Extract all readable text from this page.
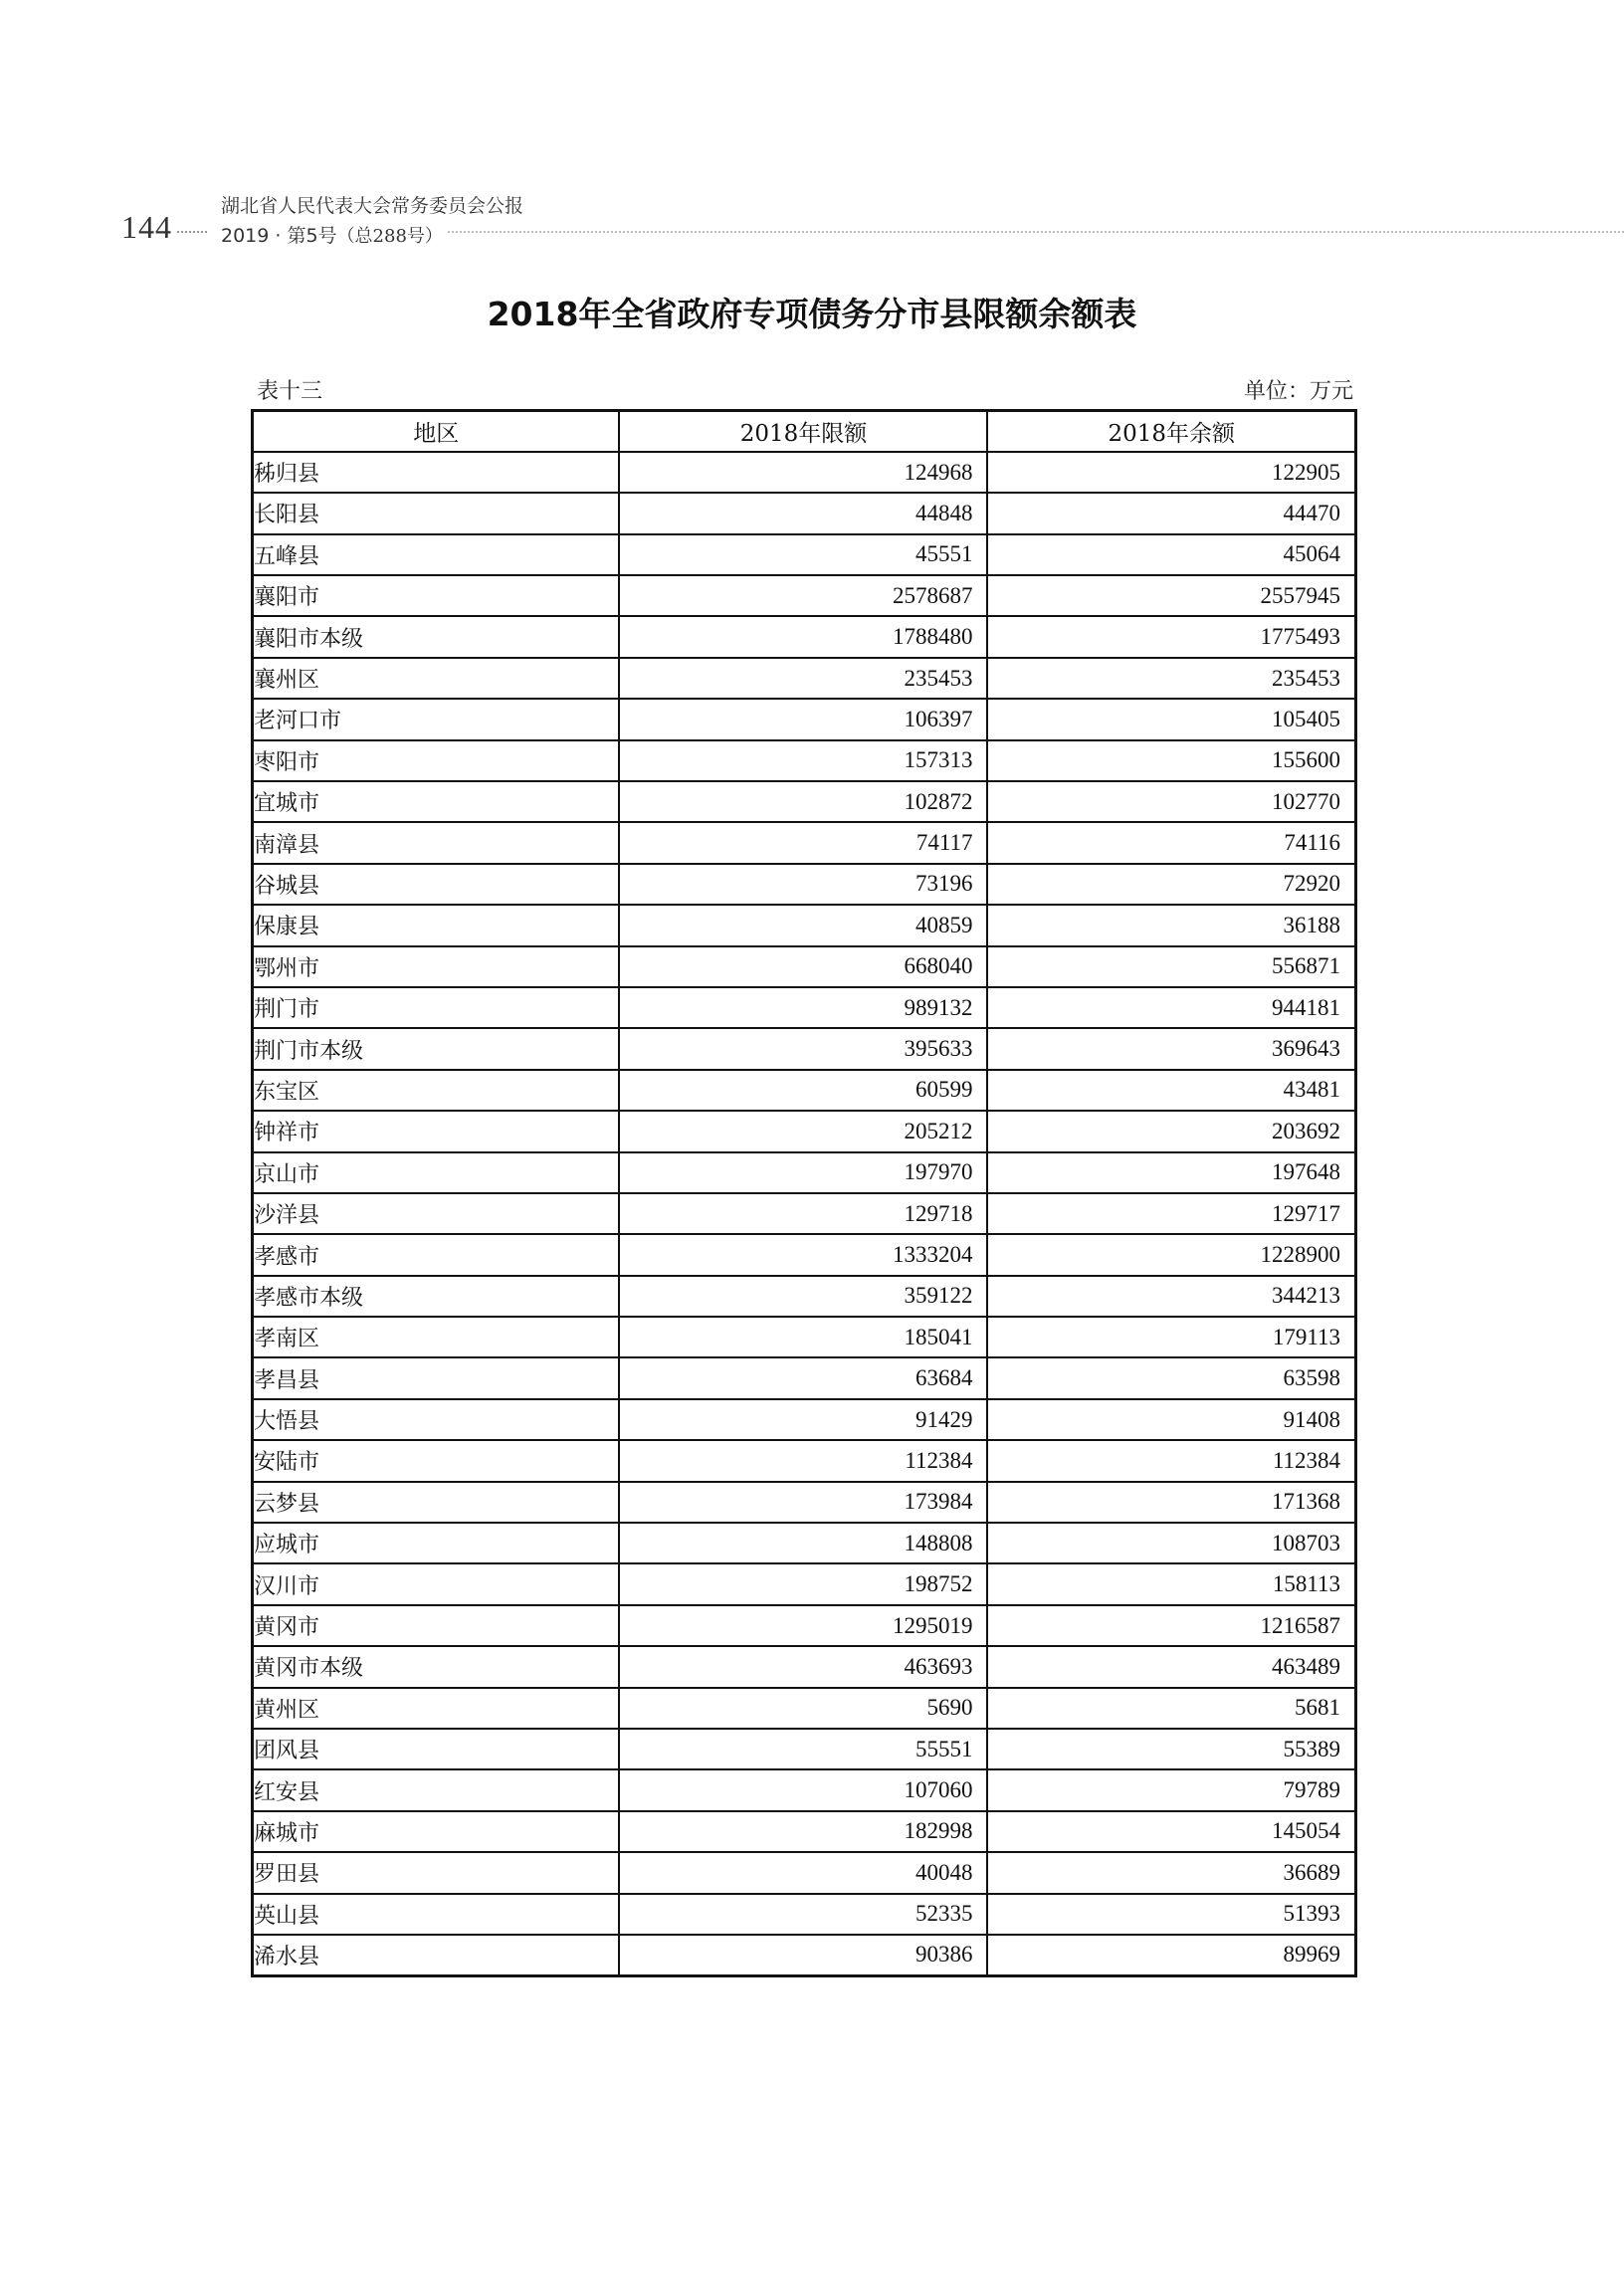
144
湖北省人民代表大会常务委员会公报
2019 · 第5号（总288号）
2018年全省政府专项债务分市县限额余额表
表十三	单位：万元
地区	2018年限额	2018年余额
秭归县	124968	122905
长阳县	44848	44470
五峰县	45551	45064
襄阳市	2578687	2557945
襄阳市本级	1788480	1775493
襄州区	235453	235453
老河口市	106397	105405
枣阳市	157313	155600
宜城市	102872	102770
南漳县	74117	74116
谷城县	73196	72920
保康县	40859	36188
鄂州市	668040	556871
荆门市	989132	944181
荆门市本级	395633	369643
东宝区	60599	43481
钟祥市	205212	203692
京山市	197970	197648
沙洋县	129718	129717
孝感市	1333204	1228900
孝感市本级	359122	344213
孝南区	185041	179113
孝昌县	63684	63598
大悟县	91429	91408
安陆市	112384	112384
云梦县	173984	171368
应城市	148808	108703
汉川市	198752	158113
黄冈市	1295019	1216587
黄冈市本级	463693	463489
黄州区	5690	5681
团风县	55551	55389
红安县	107060	79789
麻城市	182998	145054
罗田县	40048	36689
英山县	52335	51393
浠水县	90386	89969
